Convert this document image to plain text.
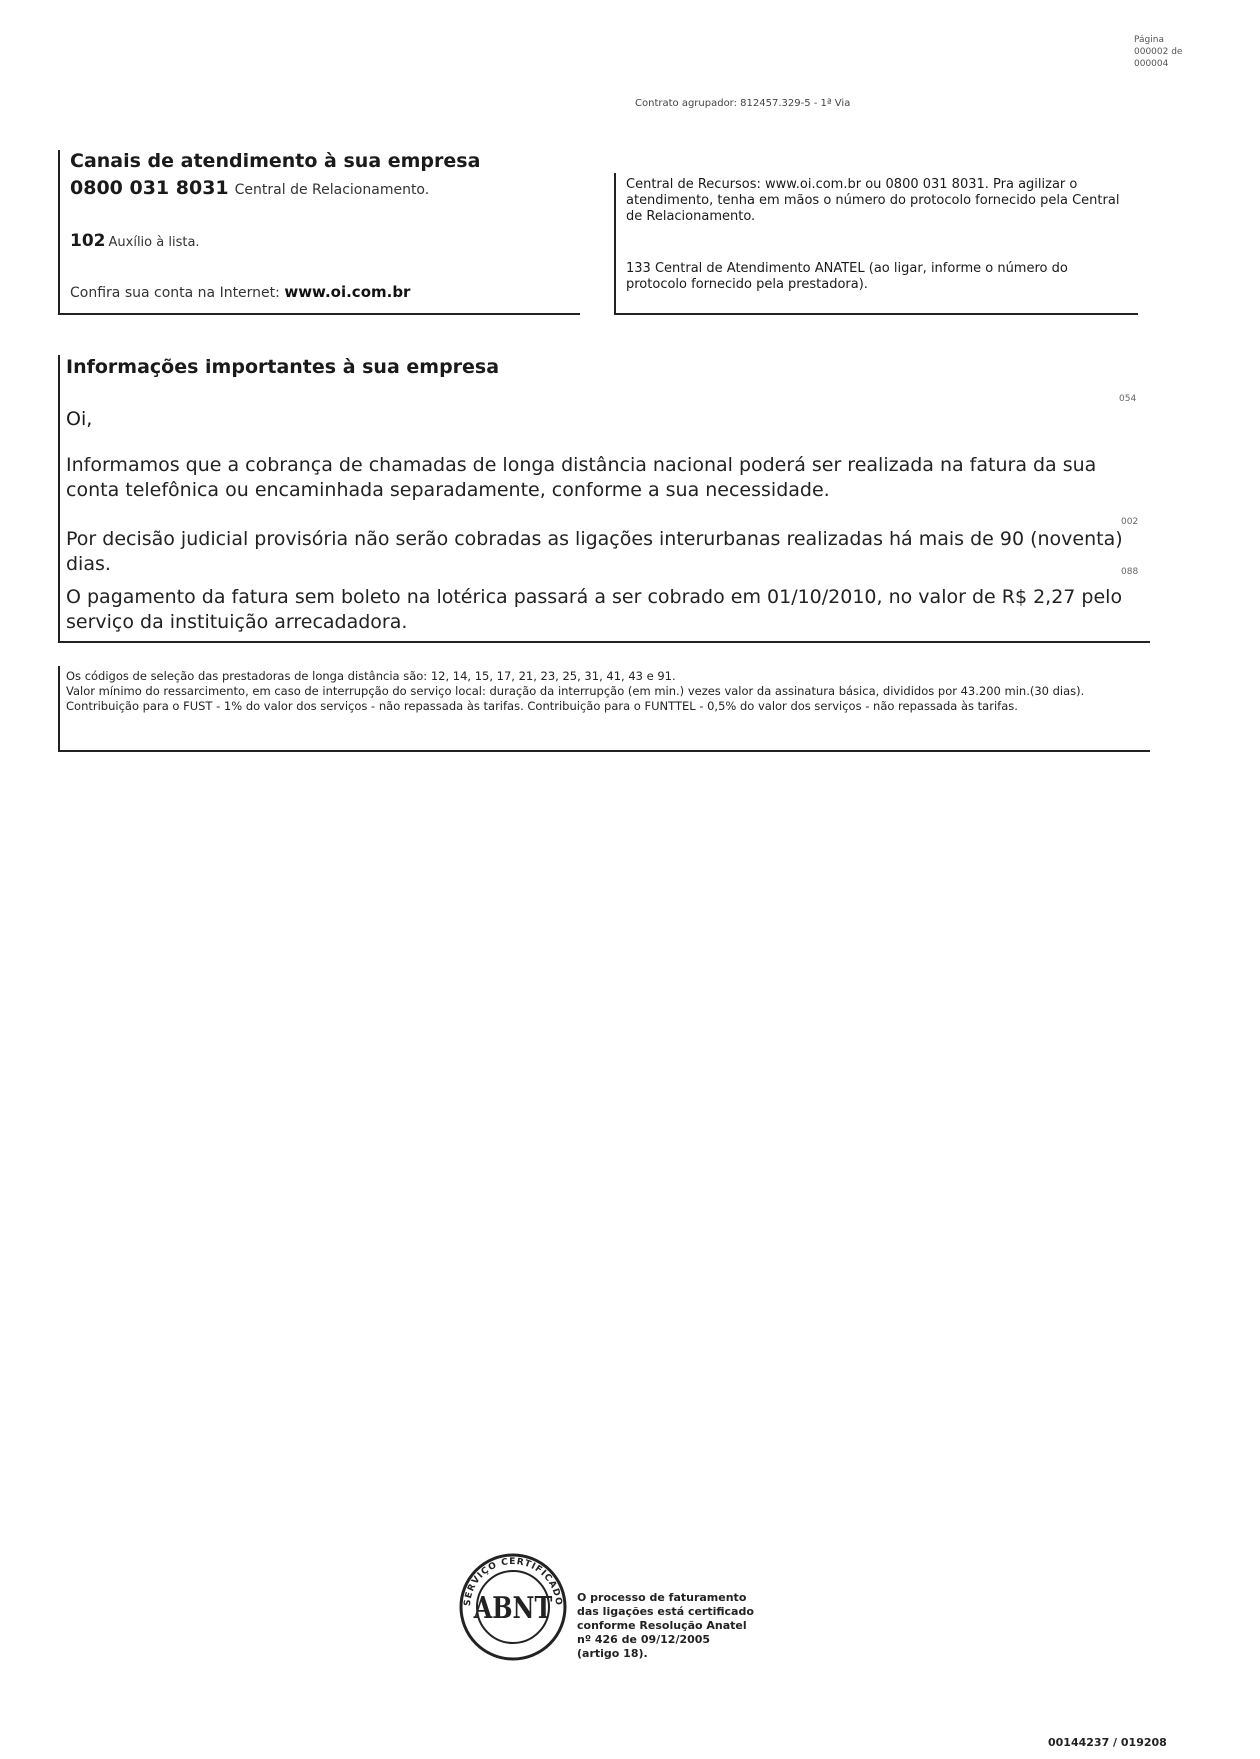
Página
000002 de
000004
Contrato agrupador: 812457.329-5 - 1ª Via
Canais de atendimento à sua empresa
0800 031 8031 Central de Relacionamento.
102 Auxílio à lista.
Confira sua conta na Internet: www.oi.com.br
Central de Recursos: www.oi.com.br ou 0800 031 8031. Pra agilizar o atendimento, tenha em mãos o número do protocolo fornecido pela Central de Relacionamento.
133 Central de Atendimento ANATEL (ao ligar, informe o número do protocolo fornecido pela prestadora).
Informações importantes à sua empresa
054
Oi,
Informamos que a cobrança de chamadas de longa distância nacional poderá ser realizada na fatura da sua conta telefônica ou encaminhada separadamente, conforme a sua necessidade.
002
Por decisão judicial provisória não serão cobradas as ligações interurbanas realizadas há mais de 90 (noventa) dias.	088
O pagamento da fatura sem boleto na lotérica passará a ser cobrado em 01/10/2010, no valor de R$ 2,27 pelo serviço da instituição arrecadadora.
Os códigos de seleção das prestadoras de longa distância são: 12, 14, 15, 17, 21, 23, 25, 31, 41, 43 e 91.
Valor mínimo do ressarcimento, em caso de interrupção do serviço local: duração da interrupção (em min.) vezes valor da assinatura básica, divididos por 43.200 min.(30 dias).
Contribuição para o FUST - 1% do valor dos serviços - não repassada às tarifas. Contribuição para o FUNTTEL - 0,5% do valor dos serviços - não repassada às tarifas.
SERVIÇO CERTIFICADO
ABNT O processo de faturamento
das ligações está certificado
conforme Resolução Anatel
nº 426 de 09/12/2005
(artigo 18).
00144237 / 019208
